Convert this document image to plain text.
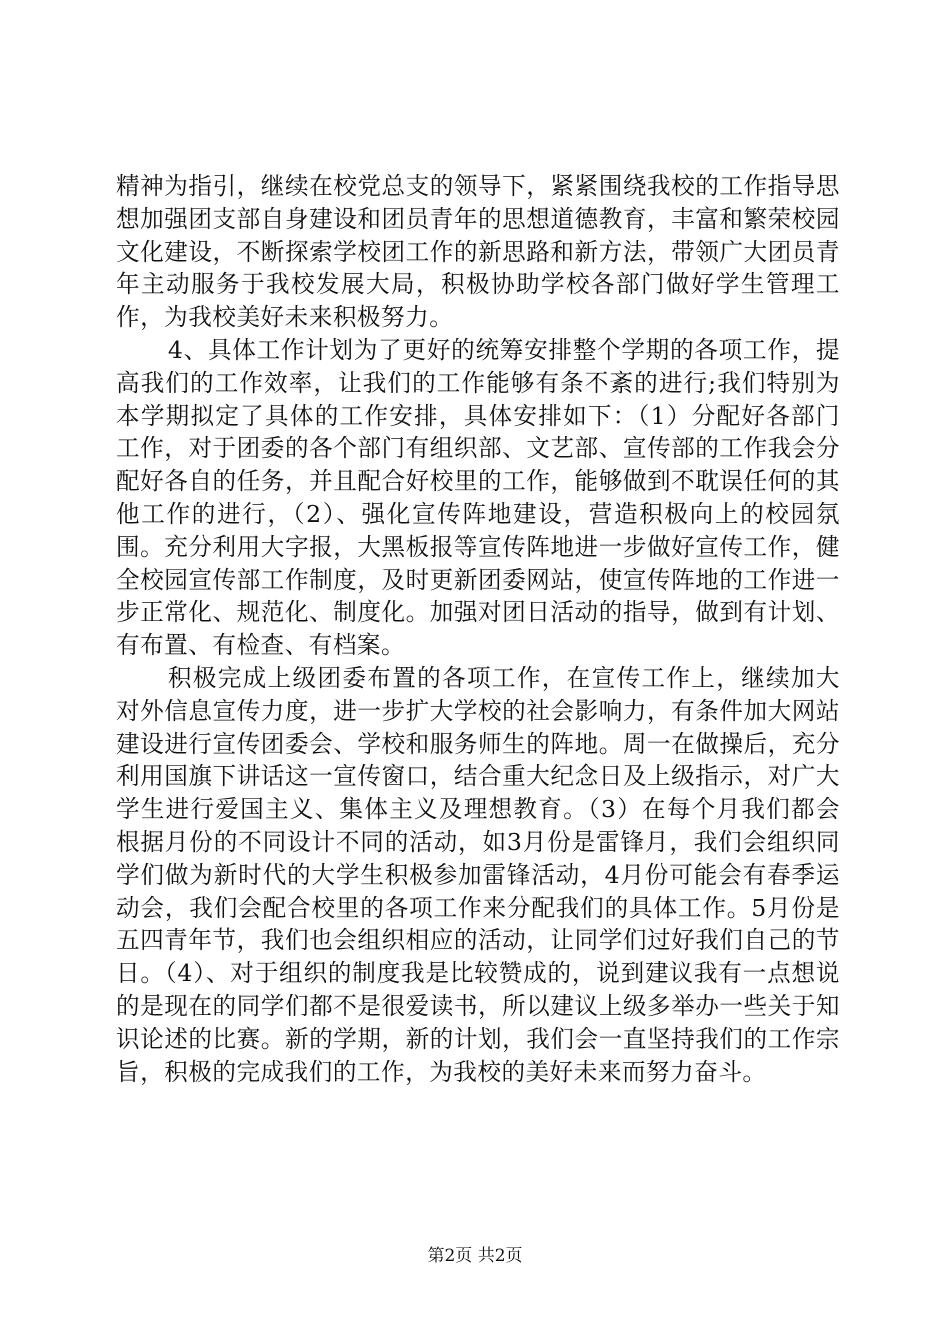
精神为指引，继续在校党总支的领导下，紧紧围绕我校的工作指导思想加强团支部自身建设和团员青年的思想道德教育，丰富和繁荣校园文化建设，不断探索学校团工作的新思路和新方法，带领广大团员青年主动服务于我校发展大局，积极协助学校各部门做好学生管理工作，为我校美好未来积极努力。

4、具体工作计划为了更好的统筹安排整个学期的各项工作，提高我们的工作效率，让我们的工作能够有条不紊的进行;我们特别为本学期拟定了具体的工作安排，具体安排如下：（1）分配好各部门工作，对于团委的各个部门有组织部、文艺部、宣传部的工作我会分配好各自的任务，并且配合好校里的工作，能够做到不耽误任何的其他工作的进行，（2）、强化宣传阵地建设，营造积极向上的校园氛围。充分利用大字报，大黑板报等宣传阵地进一步做好宣传工作，健全校园宣传部工作制度，及时更新团委网站，使宣传阵地的工作进一步正常化、规范化、制度化。加强对团日活动的指导，做到有计划、有布置、有检查、有档案。

积极完成上级团委布置的各项工作，在宣传工作上，继续加大对外信息宣传力度，进一步扩大学校的社会影响力，有条件加大网站建设进行宣传团委会、学校和服务师生的阵地。周一在做操后，充分利用国旗下讲话这一宣传窗口，结合重大纪念日及上级指示，对广大学生进行爱国主义、集体主义及理想教育。（3）在每个月我们都会根据月份的不同设计不同的活动，如3月份是雷锋月，我们会组织同学们做为新时代的大学生积极参加雷锋活动，4月份可能会有春季运动会，我们会配合校里的各项工作来分配我们的具体工作。5月份是五四青年节，我们也会组织相应的活动，让同学们过好我们自己的节日。（4）、对于组织的制度我是比较赞成的，说到建议我有一点想说的是现在的同学们都不是很爱读书，所以建议上级多举办一些关于知识论述的比赛。新的学期，新的计划，我们会一直坚持我们的工作宗旨，积极的完成我们的工作，为我校的美好未来而努力奋斗。

第2页 共2页
